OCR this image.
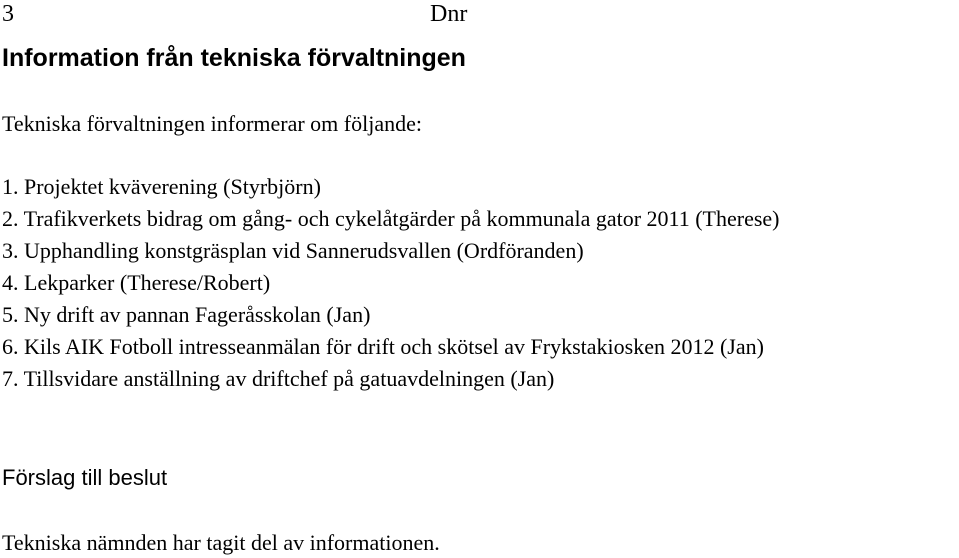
3	Dnr
Information från tekniska förvaltningen

Tekniska förvaltningen informerar om följande:

1. Projektet kväverening (Styrbjörn)
2. Trafikverkets bidrag om gång- och cykelåtgärder på kommunala gator 2011 (Therese)
3. Upphandling konstgräsplan vid Sannerudsvallen (Ordföranden)
4. Lekparker (Therese/Robert)
5. Ny drift av pannan Fageråsskolan (Jan)
6. Kils AIK Fotboll intresseanmälan för drift och skötsel av Frykstakiosken 2012 (Jan)
7. Tillsvidare anställning av driftchef på gatuavdelningen (Jan)
Förslag till beslut

Tekniska nämnden har tagit del av informationen.
